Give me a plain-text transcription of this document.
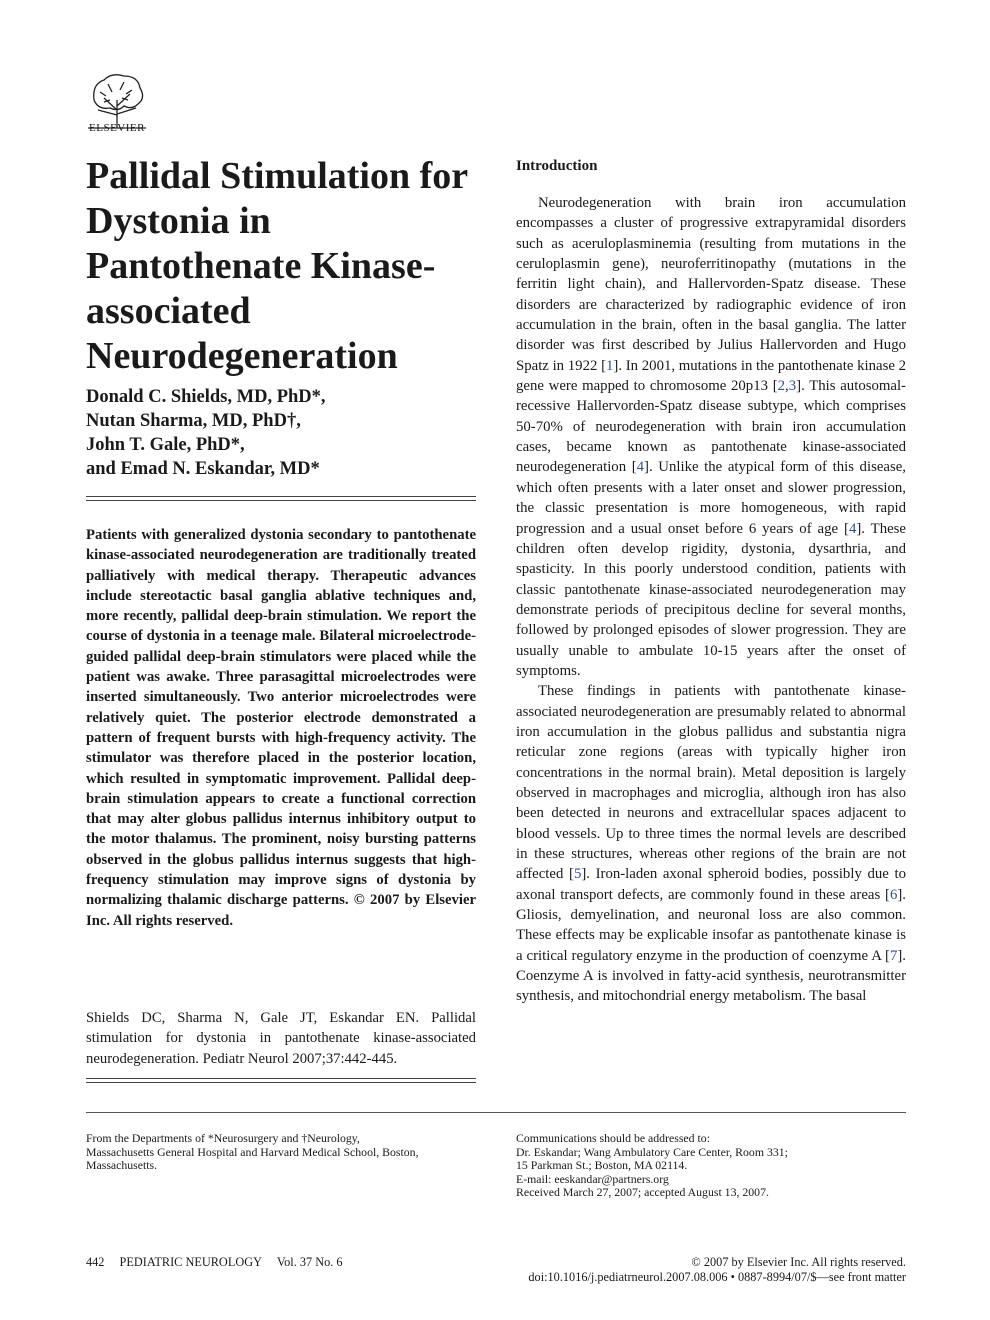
ELSEVIER
Pallidal Stimulation for Dystonia in Pantothenate Kinase-associated Neurodegeneration
Donald C. Shields, MD, PhD*,
Nutan Sharma, MD, PhD†,
John T. Gale, PhD*,
and Emad N. Eskandar, MD*
Patients with generalized dystonia secondary to pantothenate kinase-associated neurodegeneration are traditionally treated palliatively with medical therapy. Therapeutic advances include stereotactic basal ganglia ablative techniques and, more recently, pallidal deep-brain stimulation. We report the course of dystonia in a teenage male. Bilateral microelectrode-guided pallidal deep-brain stimulators were placed while the patient was awake. Three parasagittal microelectrodes were inserted simultaneously. Two anterior microelectrodes were relatively quiet. The posterior electrode demonstrated a pattern of frequent bursts with high-frequency activity. The stimulator was therefore placed in the posterior location, which resulted in symptomatic improvement. Pallidal deep-brain stimulation appears to create a functional correction that may alter globus pallidus internus inhibitory output to the motor thalamus. The prominent, noisy bursting patterns observed in the globus pallidus internus suggests that high-frequency stimulation may improve signs of dystonia by normalizing thalamic discharge patterns. © 2007 by Elsevier Inc. All rights reserved.
Shields DC, Sharma N, Gale JT, Eskandar EN. Pallidal stimulation for dystonia in pantothenate kinase-associated neurodegeneration. Pediatr Neurol 2007;37:442-445.
Introduction

Neurodegeneration with brain iron accumulation encompasses a cluster of progressive extrapyramidal disorders such as aceruloplasminemia (resulting from mutations in the ceruloplasmin gene), neuroferritinopathy (mutations in the ferritin light chain), and Hallervorden-Spatz disease. These disorders are characterized by radiographic evidence of iron accumulation in the brain, often in the basal ganglia. The latter disorder was first described by Julius Hallervorden and Hugo Spatz in 1922 [1]. In 2001, mutations in the pantothenate kinase 2 gene were mapped to chromosome 20p13 [2,3]. This autosomal-recessive Hallervorden-Spatz disease subtype, which comprises 50-70% of neurodegeneration with brain iron accumulation cases, became known as pantothenate kinase-associated neurodegeneration [4]. Unlike the atypical form of this disease, which often presents with a later onset and slower progression, the classic presentation is more homogeneous, with rapid progression and a usual onset before 6 years of age [4]. These children often develop rigidity, dystonia, dysarthria, and spasticity. In this poorly understood condition, patients with classic pantothenate kinase-associated neurodegeneration may demonstrate periods of precipitous decline for several months, followed by prolonged episodes of slower progression. They are usually unable to ambulate 10-15 years after the onset of symptoms.

These findings in patients with pantothenate kinase-associated neurodegeneration are presumably related to abnormal iron accumulation in the globus pallidus and substantia nigra reticular zone regions (areas with typically higher iron concentrations in the normal brain). Metal deposition is largely observed in macrophages and microglia, although iron has also been detected in neurons and extracellular spaces adjacent to blood vessels. Up to three times the normal levels are described in these structures, whereas other regions of the brain are not affected [5]. Iron-laden axonal spheroid bodies, possibly due to axonal transport defects, are commonly found in these areas [6]. Gliosis, demyelination, and neuronal loss are also common. These effects may be explicable insofar as pantothenate kinase is a critical regulatory enzyme in the production of coenzyme A [7]. Coenzyme A is involved in fatty-acid synthesis, neurotransmitter synthesis, and mitochondrial energy metabolism. The basal

From the Departments of *Neurosurgery and †Neurology,
Massachusetts General Hospital and Harvard Medical School, Boston,
Massachusetts.
Communications should be addressed to:
Dr. Eskandar; Wang Ambulatory Care Center, Room 331;
15 Parkman St.; Boston, MA 02114.
E-mail: eeskandar@partners.org
Received March 27, 2007; accepted August 13, 2007.
442 PEDIATRIC NEUROLOGY Vol. 37 No. 6	© 2007 by Elsevier Inc. All rights reserved.
doi:10.1016/j.pediatrneurol.2007.08.006 • 0887-8994/07/$—see front matter
